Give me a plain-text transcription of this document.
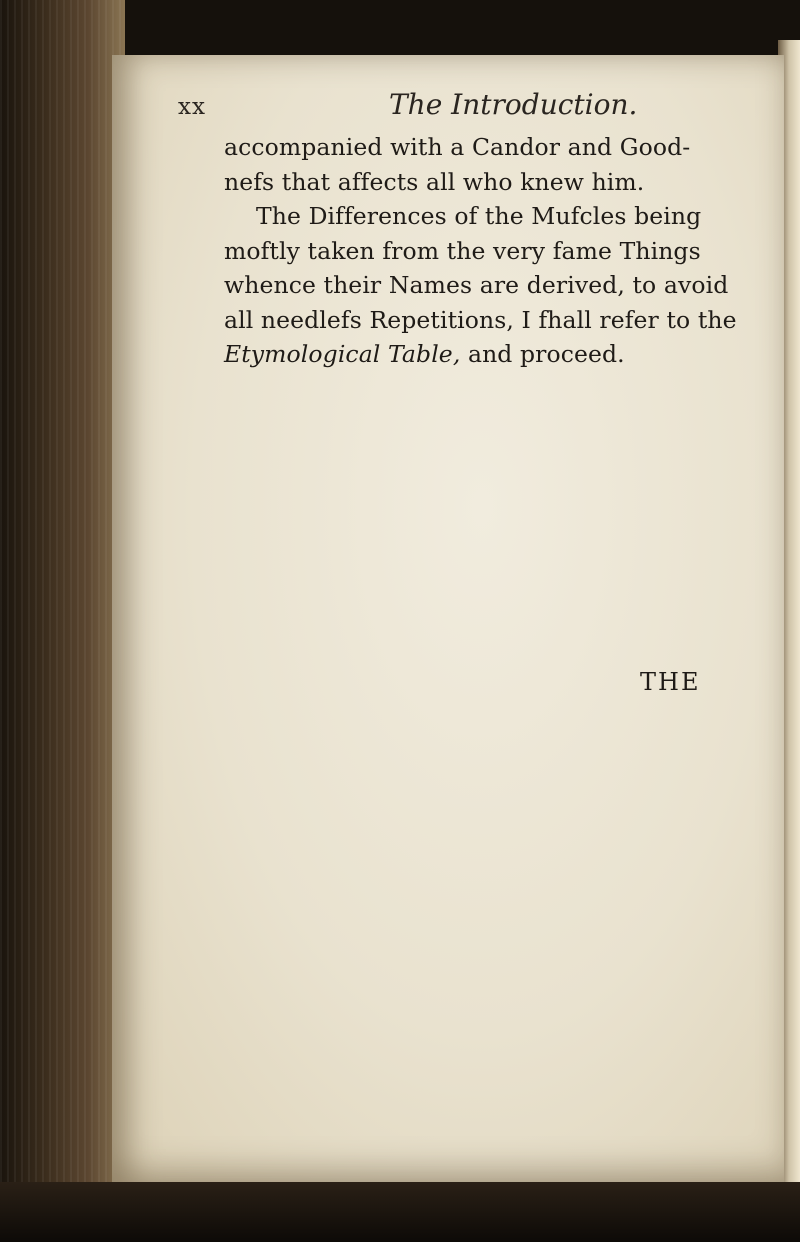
xx	The Introduction.
accompanied with a Candor and Good-
nefs that affects all who knew him.
The Differences of the Mufcles being
moftly taken from the very fame Things
whence their Names are derived, to avoid
all needlefs Repetitions, I fhall refer to the
Etymological Table, and proceed.
THE
